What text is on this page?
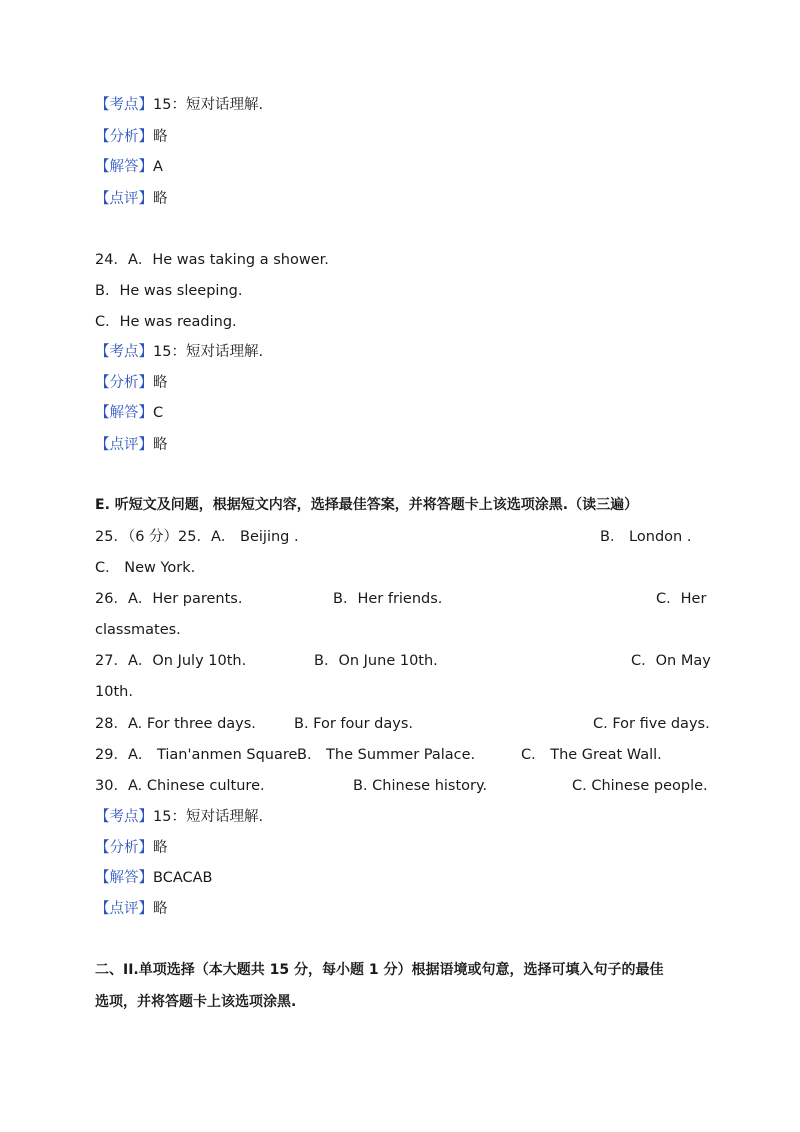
【考点】15：短对话理解.
【分析】略
【解答】A
【点评】略
24．A．He was taking a shower.
B．He was sleeping.
C．He was reading.
【考点】15：短对话理解.
【分析】略
【解答】C
【点评】略
E. 听短文及问题，根据短文内容，选择最佳答案，并将答题卡上该选项涂黑.（读三遍）
25．（6 分）25．A． Beijing .	B． London .
C． New York.
26．A．Her parents.	B．Her friends.	C．Her
classmates.
27．A．On July 10th.	B．On June 10th.	C．On May
10th.
28．A. For three days.	B. For four days.	C. For five days.
29．A． Tian'anmen Square.
B． The Summer Palace.	C． The Great Wall.
30．A. Chinese culture.	B. Chinese history.	C. Chinese people.
【考点】15：短对话理解.
【分析】略
【解答】BCACAB
【点评】略
二、II.单项选择（本大题共 15 分，每小题 1 分）根据语境或句意，选择可填入句子的最佳
选项，并将答题卡上该选项涂黑.
